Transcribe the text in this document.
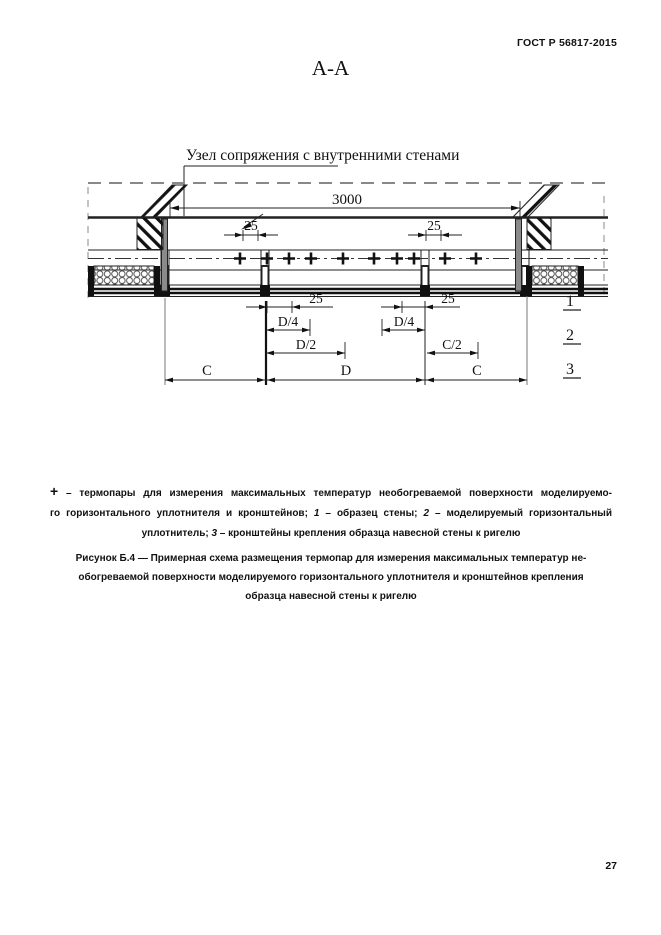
ГОСТ Р 56817-2015
А-А
Узел сопряжения с внутренними стенами
3000
25	25
25	25
D/4	D/4
D/2	C/2
C	D	C
1
2
3
+ – термопары для измерения максимальных температур необогреваемой поверхности моделируемо-
го горизонтального уплотнителя и кронштейнов; 1 – образец стены; 2 – моделируемый горизонтальный
уплотнитель; 3 – кронштейны крепления образца навесной стены к ригелю
Рисунок Б.4 — Примерная схема размещения термопар для измерения максимальных температур не-
обогреваемой поверхности моделируемого горизонтального уплотнителя и кронштейнов крепления
образца навесной стены к ригелю
27
